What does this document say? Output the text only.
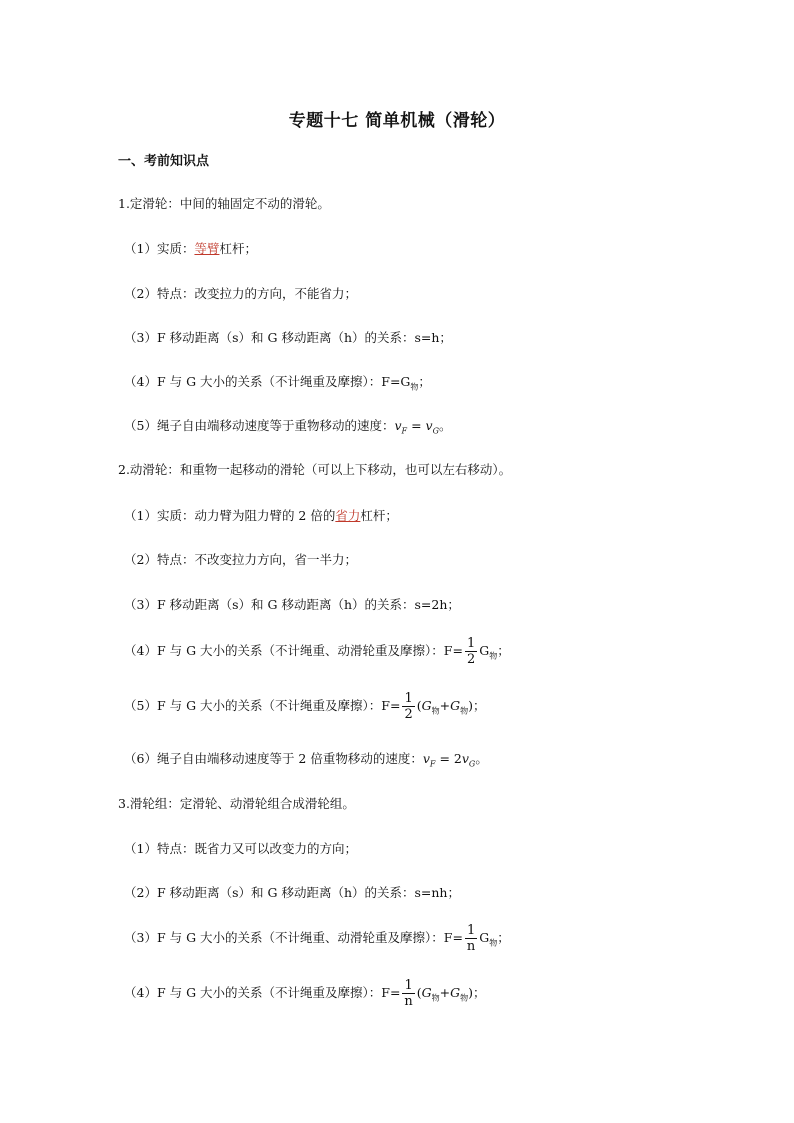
专题十七 简单机械（滑轮）
一、考前知识点
1.定滑轮：中间的轴固定不动的滑轮。
（1）实质：等臂杠杆；
（2）特点：改变拉力的方向，不能省力；
（3）F 移动距离（s）和 G 移动距离（h）的关系：s=h；
（4）F 与 G 大小的关系（不计绳重及摩擦）：$F=G_物$；
（5）绳子自由端移动速度等于重物移动的速度：$v_F = v_G$。
2.动滑轮：和重物一起移动的滑轮（可以上下移动，也可以左右移动）。
（1）实质：动力臂为阻力臂的 2 倍的省力杠杆；
（2）特点：不改变拉力方向，省一半力；
（3）F 移动距离（s）和 G 移动距离（h）的关系：s=2h；
（4）F 与 G 大小的关系（不计绳重、动滑轮重及摩擦）：$F= \frac{1}{2} G_物$；
（5）F 与 G 大小的关系（不计绳重及摩擦）：$F= \frac{1}{2} (G_物+G_物)$；
（6）绳子自由端移动速度等于 2 倍重物移动的速度：$v_F = 2v_G$。
3.滑轮组：定滑轮、动滑轮组合成滑轮组。
（1）特点：既省力又可以改变力的方向；
（2）F 移动距离（s）和 G 移动距离（h）的关系：s=nh；
（3）F 与 G 大小的关系（不计绳重、动滑轮重及摩擦）：$F= \frac{1}{n} G_物$；
（4）F 与 G 大小的关系（不计绳重及摩擦）：$F= \frac{1}{n} (G_物+G_物)$；
